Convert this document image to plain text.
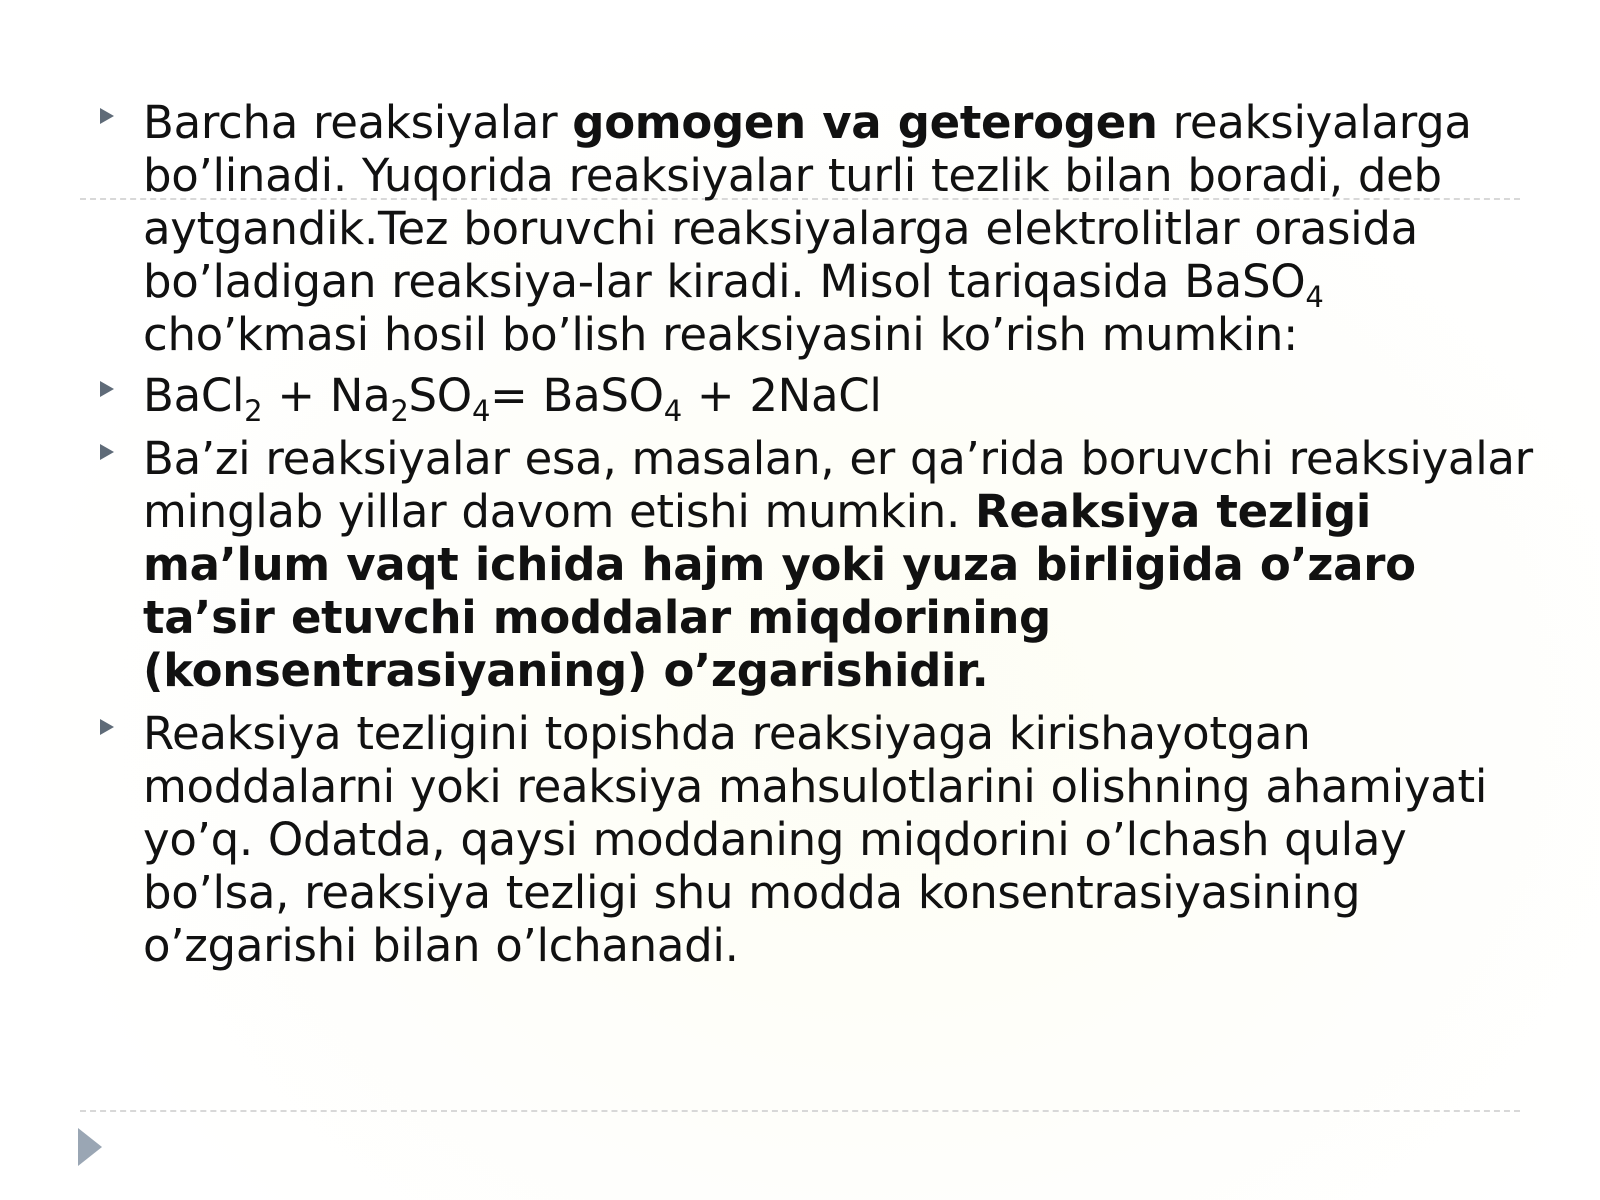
Barcha reaksiyalar gomogen va geterogen reaksiyalarga bo’linadi. Yuqorida reaksiyalar turli tezlik bilan boradi, deb aytgandik.Tez boruvchi reaksiyalarga elektrolitlar orasida bo’ladigan reaksiya-lar kiradi. Misol tariqasida BaSO$_4$ cho’kmasi hosil bo’lish reaksiyasini ko’rish mumkin:
BaCl$_2$ + $Na_2SO_4=$ BaSO$_4$ + 2NaCl
Ba’zi reaksiyalar esa, masalan, er qa’rida boruvchi reaksiyalar minglab yillar davom etishi mumkin. Reaksiya tezligi ma’lum vaqt ichida hajm yoki yuza birligida o’zaro ta’sir etuvchi moddalar miqdorining (konsentrasiyaning) o’zgarishidir.
Reaksiya tezligini topishda reaksiyaga kirishayotgan moddalarni yoki reaksiya mahsulotlarini olishning ahamiyati yo’q. Odatda, qaysi moddaning miqdorini o’lchash qulay bo’lsa, reaksiya tezligi shu modda konsentrasiyasining o’zgarishi bilan o’lchanadi.
